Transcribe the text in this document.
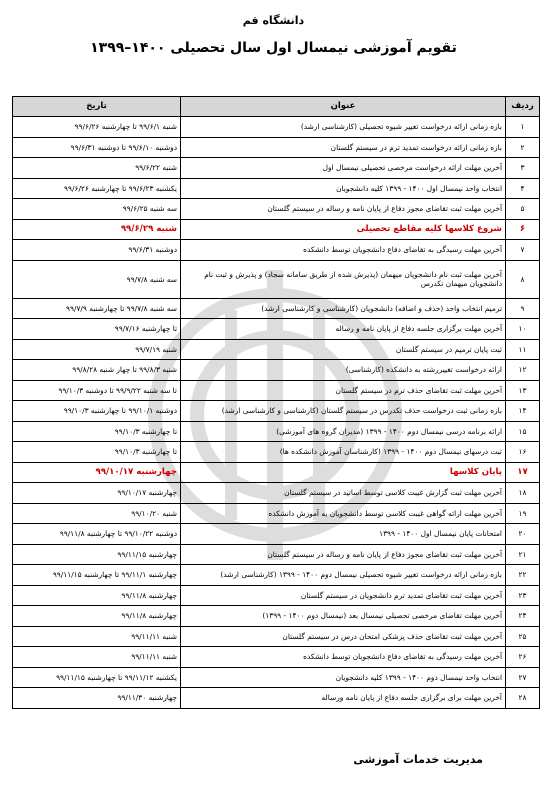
دانشگاه قم
تقویم آموزشی نیمسال اول سال تحصیلی ۱۴۰۰–۱۳۹۹
ردیف	عنوان	تاریخ
۱	بازه زمانی ارائه درخواست تغییر شیوه تحصیلی (کارشناسی ارشد)	شنبه ۹۹/۶/۱ تا چهارشنبه ۹۹/۶/۲۶
۲	بازه زمانی ارائه درخواست تمدید ترم در سیستم گلستان	دوشنبه ۹۹/۶/۱۰ تا دوشنبه ۹۹/۶/۳۱
۳	آخرین مهلت ارائه درخواست مرخصی تحصیلی نیمسال اول	شنبه ۹۹/۶/۲۲
۴	انتخاب واحد نیمسال اول ۱۴۰۰ - ۱۳۹۹ کلیه دانشجویان	یکشنبه ۹۹/۶/۲۳ تا چهارشنبه ۹۹/۶/۲۶
۵	آخرین مهلت ثبت تقاضای مجوز دفاع از پایان نامه و رساله در سیستم گلستان	سه شنبه ۹۹/۶/۲۵
۶	شروع کلاسها کلیه مقاطع تحصیلی	شنبه ۹۹/۶/۲۹
۷	آخرین مهلت رسیدگی به تقاضای دفاع دانشجویان توسط دانشکده	دوشنبه ۹۹/۶/۳۱
۸	آخرین مهلت ثبت نام دانشجویان میهمان (پذیرش شده از طریق سامانه سجاد) و پذیرش و ثبت نام دانشجویان میهمان تکدرس	سه شنبه ۹۹/۷/۸
۹	ترمیم انتخاب واحد (حذف و اضافه) دانشجویان (کارشناسی و کارشناسی ارشد)	سه شنبه ۹۹/۷/۸ تا چهارشنبه ۹۹/۷/۹
۱۰	آخرین مهلت برگزاری جلسه دفاع از پایان نامه و رساله	تا چهارشنبه ۹۹/۷/۱۶
۱۱	ثبت پایان ترمیم در سیستم گلستان	شنبه ۹۹/۷/۱۹
۱۲	ارائه درخواست تغییررشته به دانشکده (کارشناسی)	شنبه ۹۹/۸/۳ تا چهار شنبه ۹۹/۸/۲۸
۱۳	آخرین مهلت ثبت تقاضای حذف ترم در سیستم گلستان	تا سه شنبه ۹۹/۹/۲۲ تا دوشنبه ۹۹/۱۰/۳
۱۴	بازه زمانی ثبت درخواست حذف تکدرس در سیستم گلستان (کارشناسی و کارشناسی ارشد)	دوشنبه ۹۹/۱۰/۱ تا چهارشنبه ۹۹/۱۰/۳
۱۵	ارائه برنامه درسی نیمسال دوم ۱۴۰۰ - ۱۳۹۹ (مدیران گروه های آموزشی)	تا چهارشنبه ۹۹/۱۰/۳
۱۶	ثبت درسهای نیمسال دوم ۱۴۰۰ - ۱۳۹۹ (کارشناسان آموزش دانشکده ها)	تا چهارشنبه ۹۹/۱۰/۳
۱۷	پایان کلاسها	چهارشنبه ۹۹/۱۰/۱۷
۱۸	آخرین مهلت ثبت گزارش غیبت کلاسی توسط اساتید در سیستم گلستان	چهارشنبه ۹۹/۱۰/۱۷
۱۹	آخرین مهلت ارائه گواهی غیبت کلاسی توسط دانشجویان به آموزش دانشکده	شنبه ۹۹/۱۰/۲۰
۲۰	امتحانات پایان نیمسال اول ۱۴۰۰ - ۱۳۹۹	دوشنبه ۹۹/۱۰/۲۲ تا چهارشنبه ۹۹/۱۱/۸
۲۱	آخرین مهلت ثبت تقاضای مجوز دفاع از پایان نامه و رساله در سیستم گلستان	چهارشنبه ۹۹/۱۱/۱۵
۲۲	بازه زمانی ارائه درخواست تغییر شیوه تحصیلی نیمسال دوم ۱۴۰۰ - ۱۳۹۹ (کارشناسی ارشد)	چهارشنبه ۹۹/۱۱/۱ تا چهارشنبه ۹۹/۱۱/۱۵
۲۳	آخرین مهلت ثبت تقاضای تمدید ترم دانشجویان در سیستم گلستان	چهارشنبه ۹۹/۱۱/۸
۲۴	آخرین مهلت تقاضای مرخصی تحصیلی نیمسال بعد (نیمسال دوم ۱۴۰۰ - ۱۳۹۹)	چهارشنبه ۹۹/۱۱/۸
۲۵	آخرین مهلت ثبت تقاضای حذف پزشکی امتحان درس در سیستم گلستان	شنبه ۹۹/۱۱/۱۱
۲۶	آخرین مهلت رسیدگی به تقاضای دفاع دانشجویان توسط دانشکده	شنبه ۹۹/۱۱/۱۱
۲۷	انتخاب واحد نیمسال دوم ۱۴۰۰ - ۱۳۹۹ کلیه دانشجویان	یکشنبه ۹۹/۱۱/۱۲ تا چهارشنبه ۹۹/۱۱/۱۵
۲۸	آخرین مهلت برای برگزاری جلسه دفاع از پایان نامه ورساله	چهارشنبه ۹۹/۱۱/۳۰
مدیریت خدمات آموزشی
